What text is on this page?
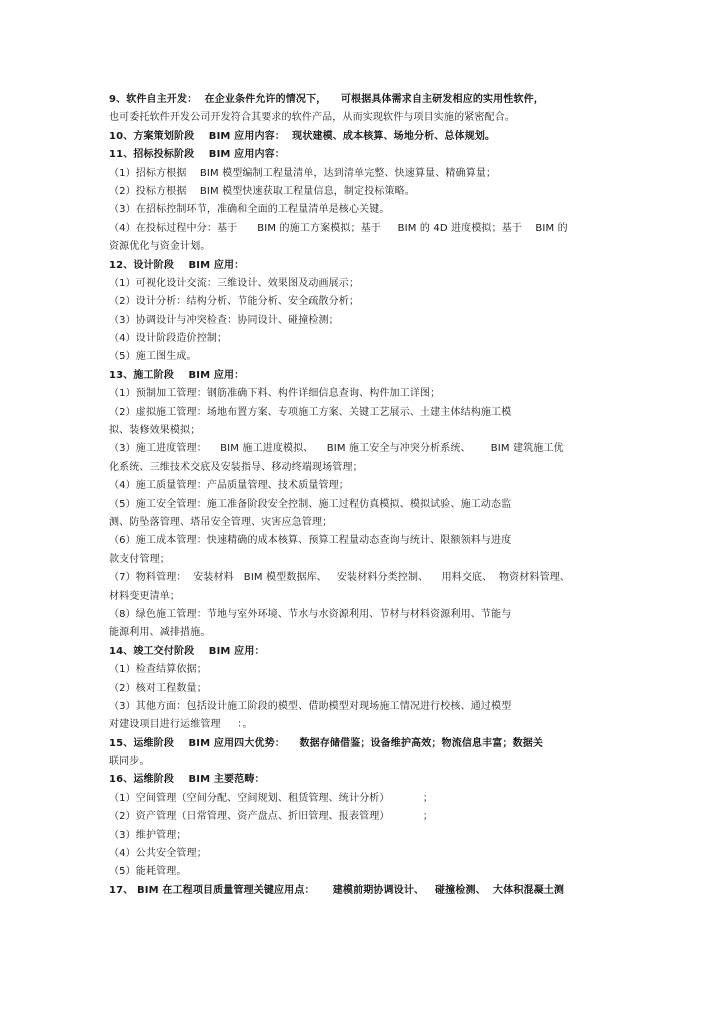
9、软件自主开发：  在企业条件允许的情况下，    可根据具体需求自主研发相应的实用性软件，
也可委托软件开发公司开发符合其要求的软件产品，从而实现软件与项目实施的紧密配合。
10、方案策划阶段    BIM 应用内容：  现状建模、成本核算、场地分析、总体规划。
11、招标投标阶段    BIM 应用内容：
（1）招标方根据    BIM 模型编制工程量清单，达到清单完整、快速算量、精确算量；
（2）投标方根据    BIM 模型快速获取工程量信息，制定投标策略。
（3）在招标控制环节，准确和全面的工程量清单是核心关键。
（4）在投标过程中分：基于      BIM 的施工方案模拟；基于     BIM 的 4D 进度模拟；基于    BIM 的
资源优化与资金计划。
12、设计阶段    BIM 应用：
（1）可视化设计交流：三维设计、效果图及动画展示；
（2）设计分析：结构分析、节能分析、安全疏散分析；
（3）协调设计与冲突检查：协同设计、碰撞检测；
（4）设计阶段造价控制；
（5）施工图生成。
13、施工阶段    BIM 应用：
（1）预制加工管理：钢筋准确下料、构件详细信息查询、构件加工详图；
（2）虚拟施工管理：场地布置方案、专项施工方案、关键工艺展示、土建主体结构施工模
拟、装修效果模拟；
（3）施工进度管理：    BIM 施工进度模拟、    BIM 施工安全与冲突分析系统、      BIM 建筑施工优
化系统、三维技术交底及安装指导、移动终端现场管理；
（4）施工质量管理：产品质量管理、技术质量管理；
（5）施工安全管理：施工准备阶段安全控制、施工过程仿真模拟、模拟试验、施工动态监
测、防坠落管理、塔吊安全管理、灾害应急管理；
（6）施工成本管理：快速精确的成本核算、预算工程量动态查询与统计、限额领料与进度
款支付管理；
（7）物料管理：  安装材料   BIM 模型数据库、   安装材料分类控制、    用料交底、  物资材料管理、
材料变更清单；
（8）绿色施工管理：节地与室外环境、节水与水资源利用、节材与材料资源利用、节能与
能源利用、减排措施。
14、竣工交付阶段    BIM 应用：
（1）检查结算依据；
（2）核对工程数量；
（3）其他方面：包括设计施工阶段的模型、借助模型对现场施工情况进行校核、通过模型
对建设项目进行运维管理     ：。
15、运维阶段    BIM 应用四大优势：    数据存储借鉴；设备维护高效；物流信息丰富；数据关
联同步。
16、运维阶段    BIM 主要范畴：
（1）空间管理（空间分配、空间规划、租赁管理、统计分析）          ；
（2）资产管理（日常管理、资产盘点、折旧管理、报表管理）          ；
（3）维护管理；
（4）公共安全管理；
（5）能耗管理。
17、 BIM 在工程项目质量管理关键应用点：     建模前期协调设计、   碰撞检测、  大体积混凝土测
